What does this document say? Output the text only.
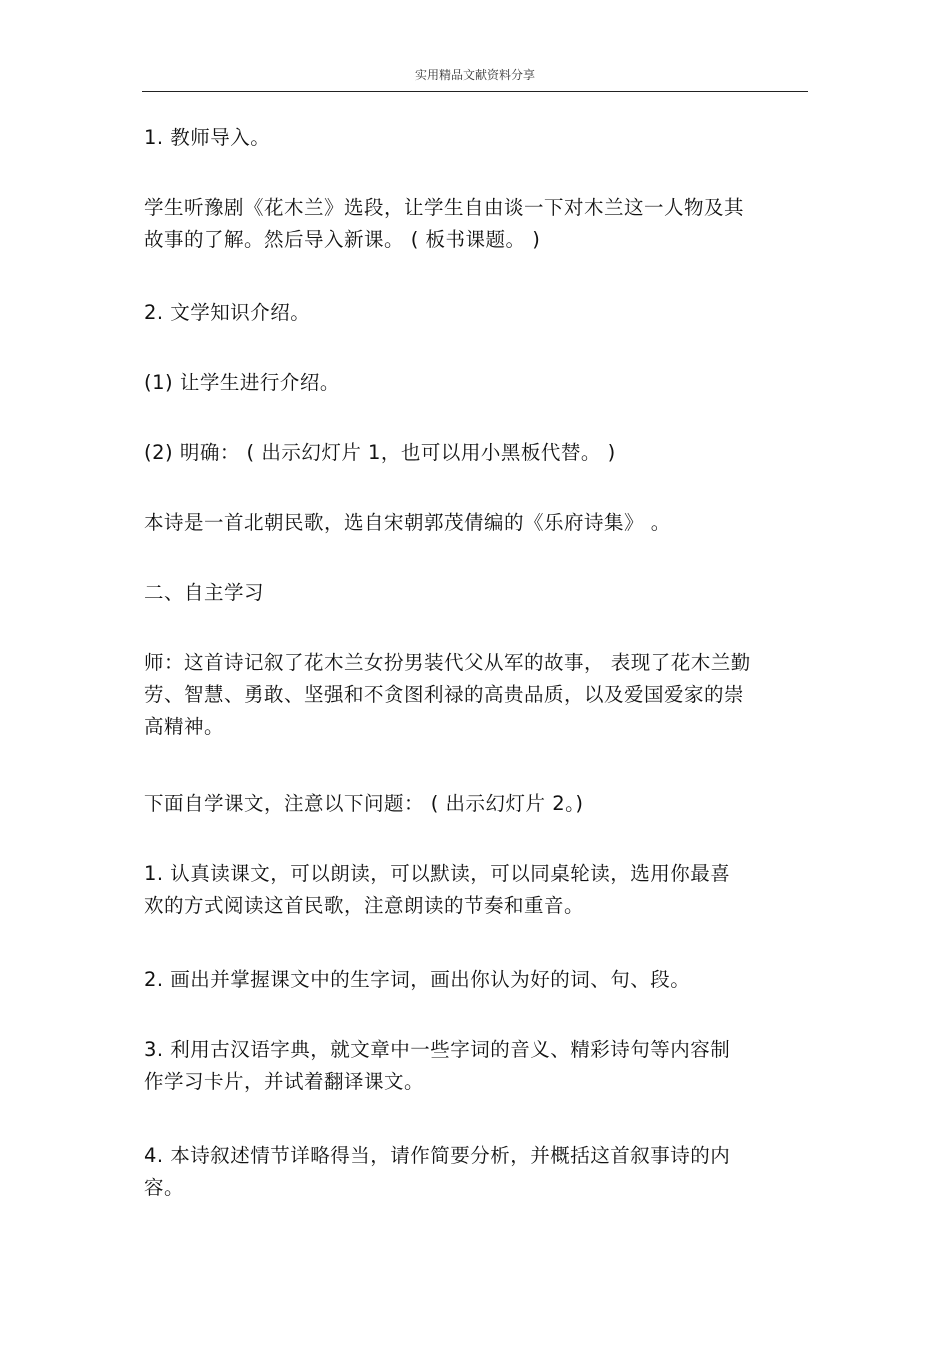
实用精品文献资料分享
1. 教师导入。
学生听豫剧《花木兰》选段，让学生自由谈一下对木兰这一人物及其
故事的了解。然后导入新课。 ( 板书课题。 )
2. 文学知识介绍。
(1) 让学生进行介绍。
(2) 明确： ( 出示幻灯片 1，也可以用小黑板代替。 )
本诗是一首北朝民歌，选自宋朝郭茂倩编的《乐府诗集》 。
二、自主学习
师：这首诗记叙了花木兰女扮男装代父从军的故事， 表现了花木兰勤
劳、智慧、勇敢、坚强和不贪图利禄的高贵品质，以及爱国爱家的崇
高精神。
下面自学课文，注意以下问题： ( 出示幻灯片 2。)
1. 认真读课文，可以朗读，可以默读，可以同桌轮读，选用你最喜
欢的方式阅读这首民歌，注意朗读的节奏和重音。
2. 画出并掌握课文中的生字词，画出你认为好的词、句、段。
3. 利用古汉语字典，就文章中一些字词的音义、精彩诗句等内容制
作学习卡片，并试着翻译课文。
4. 本诗叙述情节详略得当，请作简要分析，并概括这首叙事诗的内
容。
